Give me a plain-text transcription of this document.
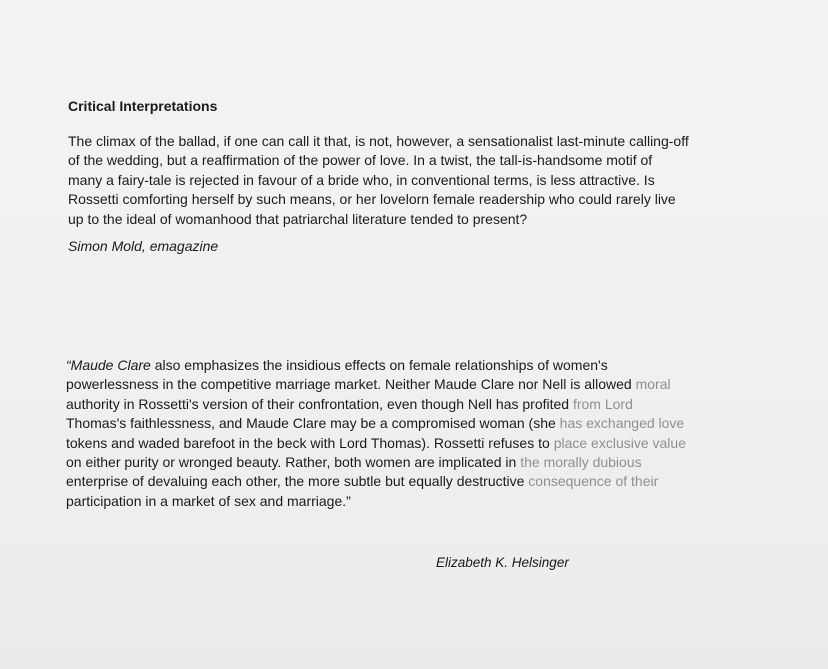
Critical Interpretations
The climax of the ballad, if one can call it that, is not, however, a sensationalist last-minute calling-off
of the wedding, but a reaffirmation of the power of love. In a twist, the tall-is-handsome motif of
many a fairy-tale is rejected in favour of a bride who, in conventional terms, is less attractive. Is
Rossetti comforting herself by such means, or her lovelorn female readership who could rarely live
up to the ideal of womanhood that patriarchal literature tended to present?
Simon Mold, emagazine
“Maude Clare also emphasizes the insidious effects on female relationships of women's
powerlessness in the competitive marriage market. Neither Maude Clare nor Nell is allowed moral
authority in Rossetti's version of their confrontation, even though Nell has profited from Lord
Thomas's faithlessness, and Maude Clare may be a compromised woman (she has exchanged love
tokens and waded barefoot in the beck with Lord Thomas). Rossetti refuses to place exclusive value
on either purity or wronged beauty. Rather, both women are implicated in the morally dubious
enterprise of devaluing each other, the more subtle but equally destructive consequence of their
participation in a market of sex and marriage.”
Elizabeth K. Helsinger
